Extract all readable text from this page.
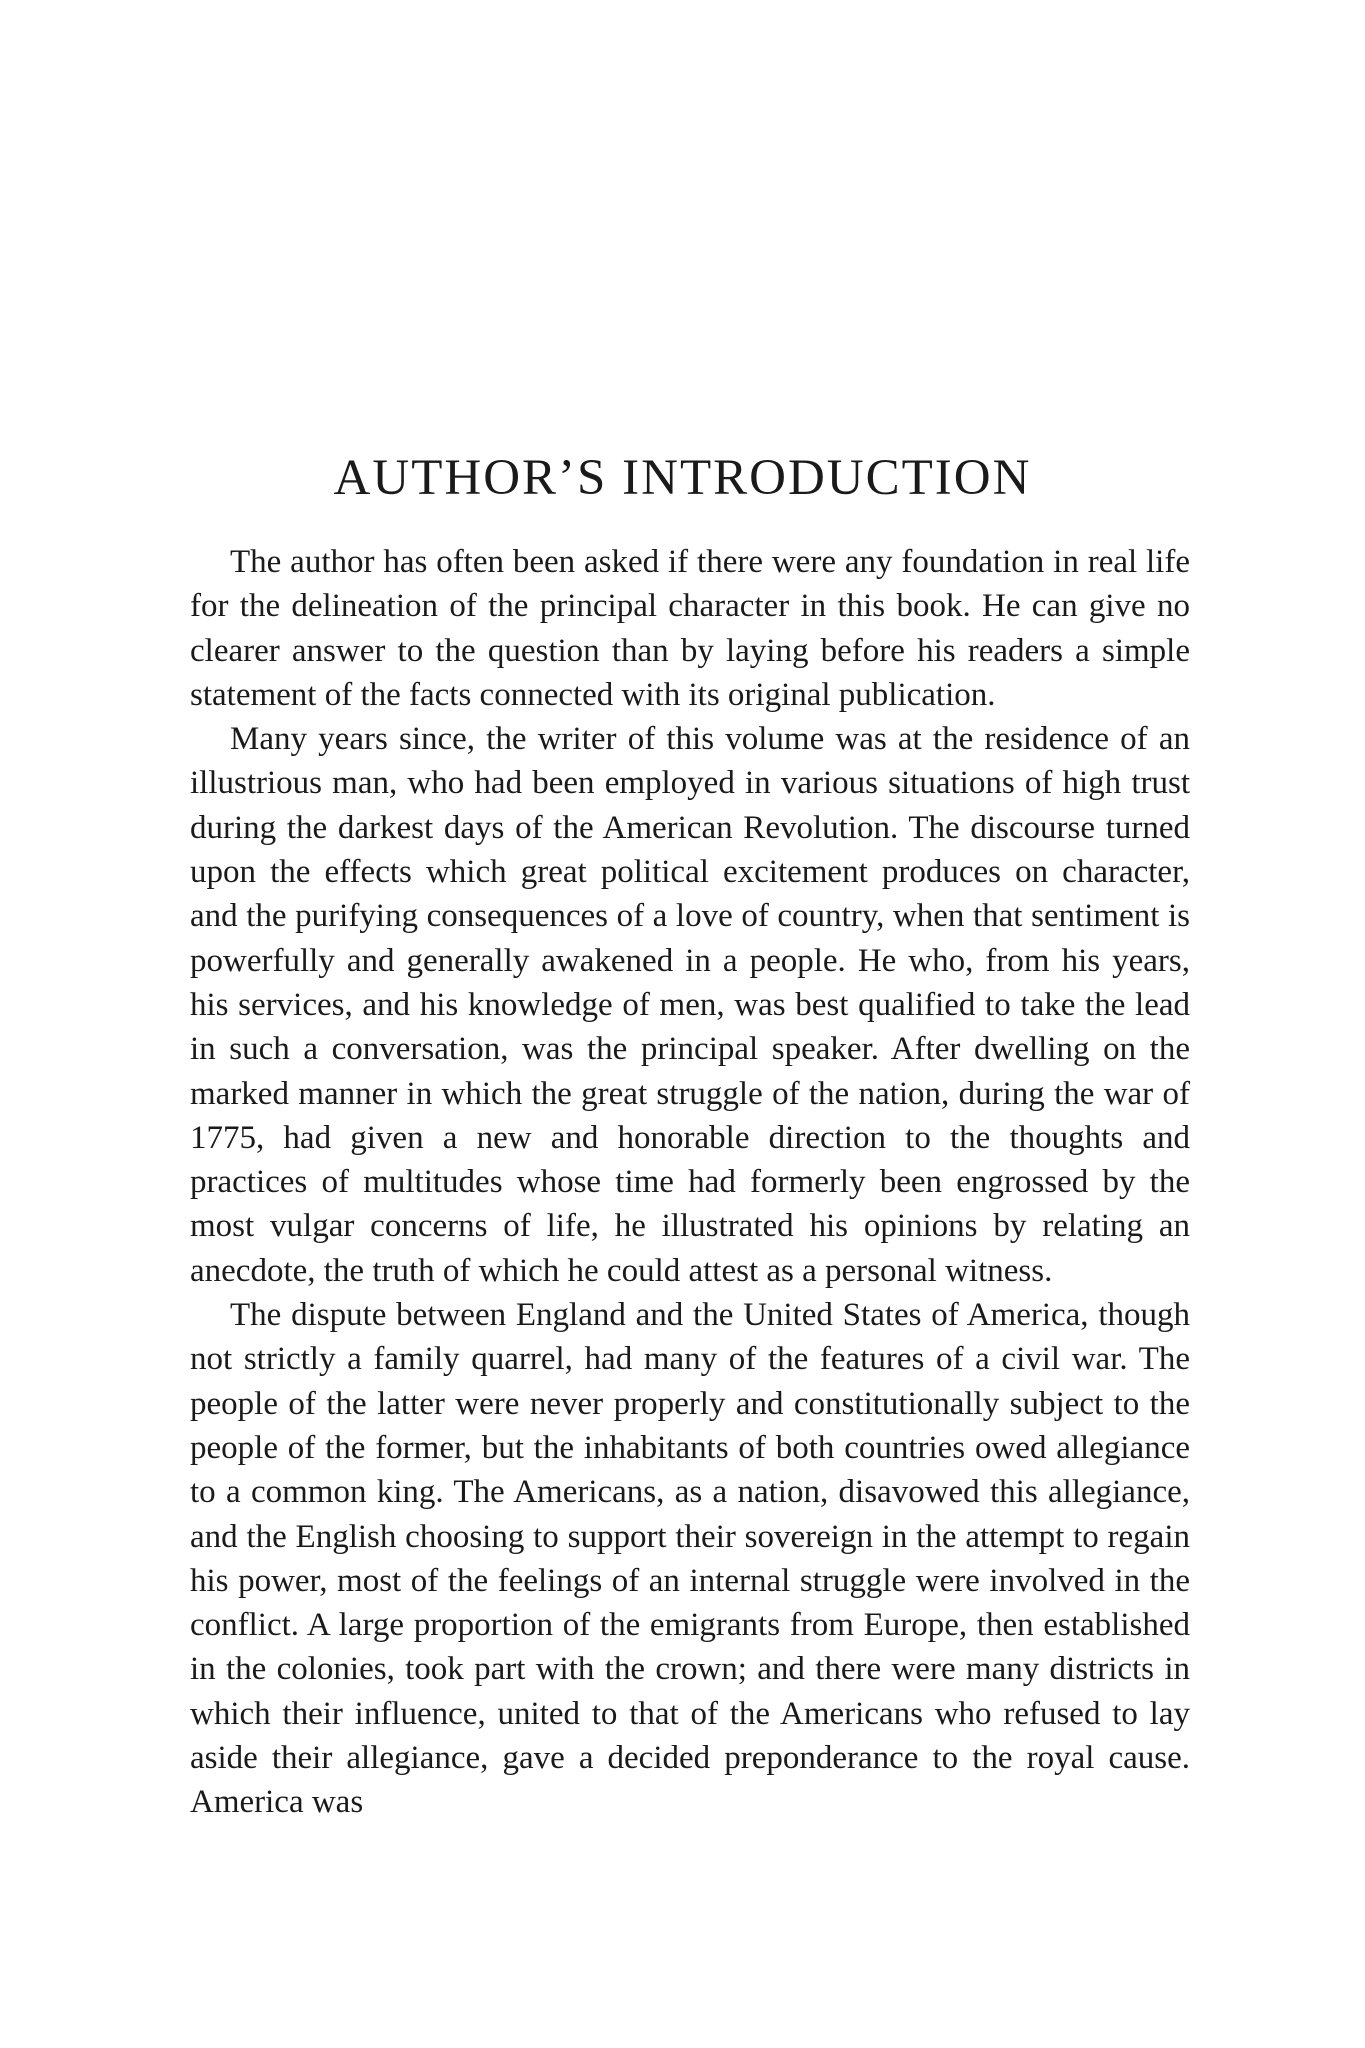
AUTHOR’S INTRODUCTION

The author has often been asked if there were any foundation in real life for the delineation of the principal character in this book. He can give no clearer answer to the question than by laying before his readers a simple statement of the facts connected with its original publication.

Many years since, the writer of this volume was at the residence of an illustrious man, who had been employed in various situations of high trust during the darkest days of the American Revolution. The discourse turned upon the effects which great political excitement produces on character, and the purifying consequences of a love of country, when that sentiment is powerfully and generally awakened in a people. He who, from his years, his services, and his knowledge of men, was best qualified to take the lead in such a conversation, was the principal speaker. After dwelling on the marked manner in which the great struggle of the nation, during the war of 1775, had given a new and honorable direction to the thoughts and practices of multitudes whose time had formerly been engrossed by the most vulgar concerns of life, he illustrated his opinions by relating an anecdote, the truth of which he could attest as a personal witness.

The dispute between England and the United States of America, though not strictly a family quarrel, had many of the features of a civil war. The people of the latter were never properly and constitutionally subject to the people of the former, but the inhabitants of both countries owed allegiance to a common king. The Americans, as a nation, disavowed this allegiance, and the English choosing to support their sovereign in the attempt to regain his power, most of the feelings of an internal struggle were involved in the conflict. A large proportion of the emigrants from Europe, then established in the colonies, took part with the crown; and there were many districts in which their influence, united to that of the Americans who refused to lay aside their allegiance, gave a decided preponderance to the royal cause. America was
